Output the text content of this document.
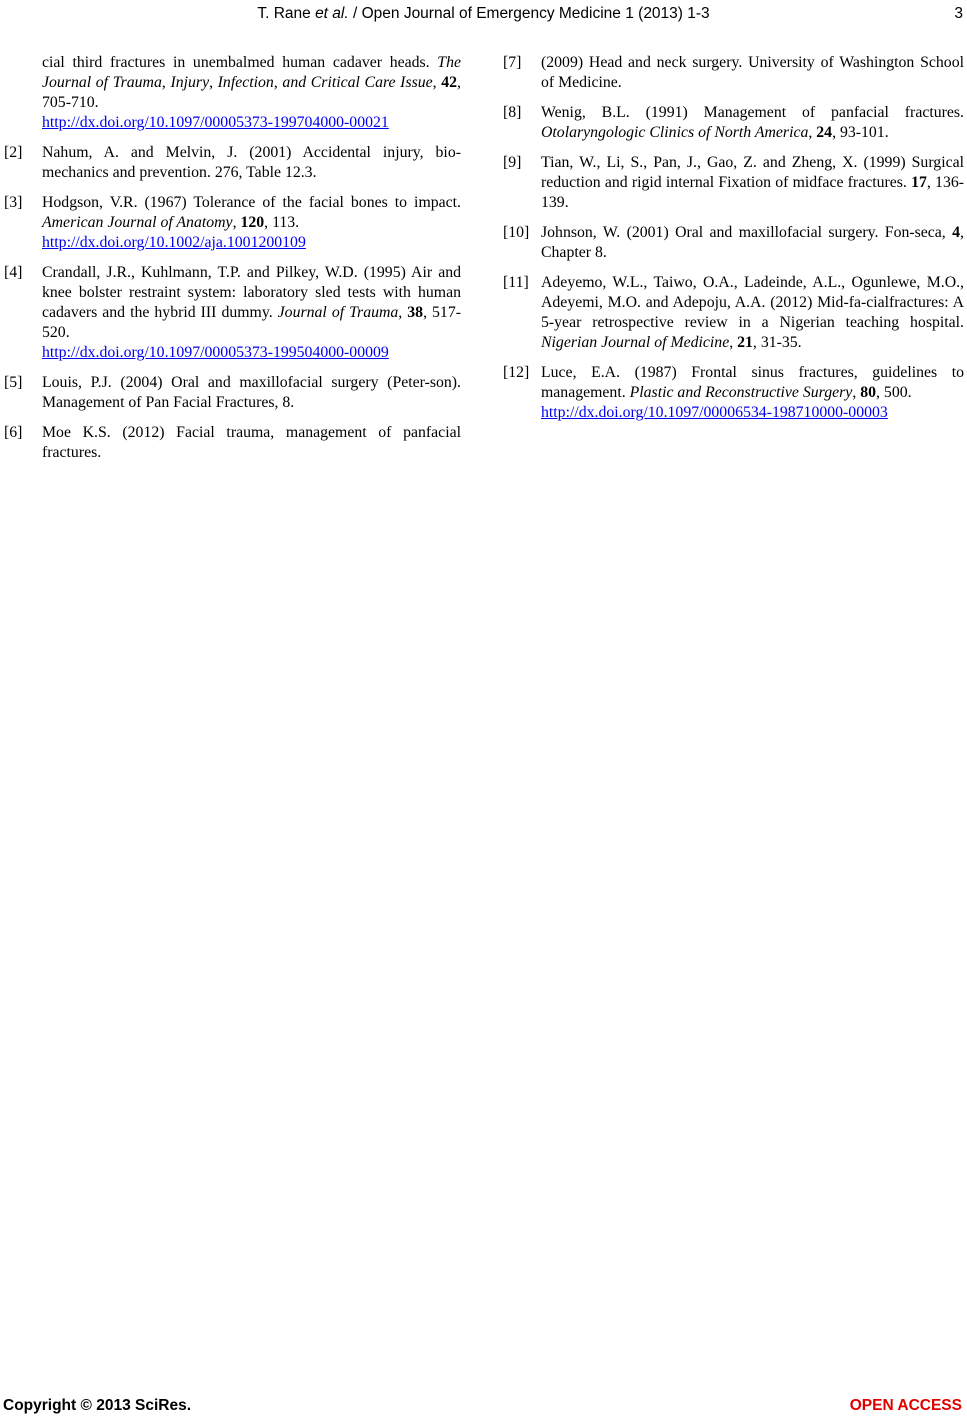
T. Rane et al. / Open Journal of Emergency Medicine 1 (2013) 1-3	3
cial third fractures in unembalmed human cadaver heads. The Journal of Trauma, Injury, Infection, and Critical Care Issue, 42, 705-710.
http://dx.doi.org/10.1097/00005373-199704000-00021
[2] Nahum, A. and Melvin, J. (2001) Accidental injury, bio-mechanics and prevention. 276, Table 12.3.
[3] Hodgson, V.R. (1967) Tolerance of the facial bones to impact. American Journal of Anatomy, 120, 113.
http://dx.doi.org/10.1002/aja.1001200109
[4] Crandall, J.R., Kuhlmann, T.P. and Pilkey, W.D. (1995) Air and knee bolster restraint system: laboratory sled tests with human cadavers and the hybrid III dummy. Journal of Trauma, 38, 517-520.
http://dx.doi.org/10.1097/00005373-199504000-00009
[5] Louis, P.J. (2004) Oral and maxillofacial surgery (Peter-son). Management of Pan Facial Fractures, 8.
[6] Moe K.S. (2012) Facial trauma, management of panfacial fractures.
[7] (2009) Head and neck surgery. University of Washington School of Medicine.
[8] Wenig, B.L. (1991) Management of panfacial fractures. Otolaryngologic Clinics of North America, 24, 93-101.
[9] Tian, W., Li, S., Pan, J., Gao, Z. and Zheng, X. (1999) Surgical reduction and rigid internal Fixation of midface fractures. 17, 136-139.
[10] Johnson, W. (2001) Oral and maxillofacial surgery. Fon-seca, 4, Chapter 8.
[11] Adeyemo, W.L., Taiwo, O.A., Ladeinde, A.L., Ogunlewe, M.O., Adeyemi, M.O. and Adepoju, A.A. (2012) Mid-fa-cialfractures: A 5-year retrospective review in a Nigerian teaching hospital. Nigerian Journal of Medicine, 21, 31-35.
[12] Luce, E.A. (1987) Frontal sinus fractures, guidelines to management. Plastic and Reconstructive Surgery, 80, 500.
http://dx.doi.org/10.1097/00006534-198710000-00003
Copyright © 2013 SciRes.	OPEN ACCESS
